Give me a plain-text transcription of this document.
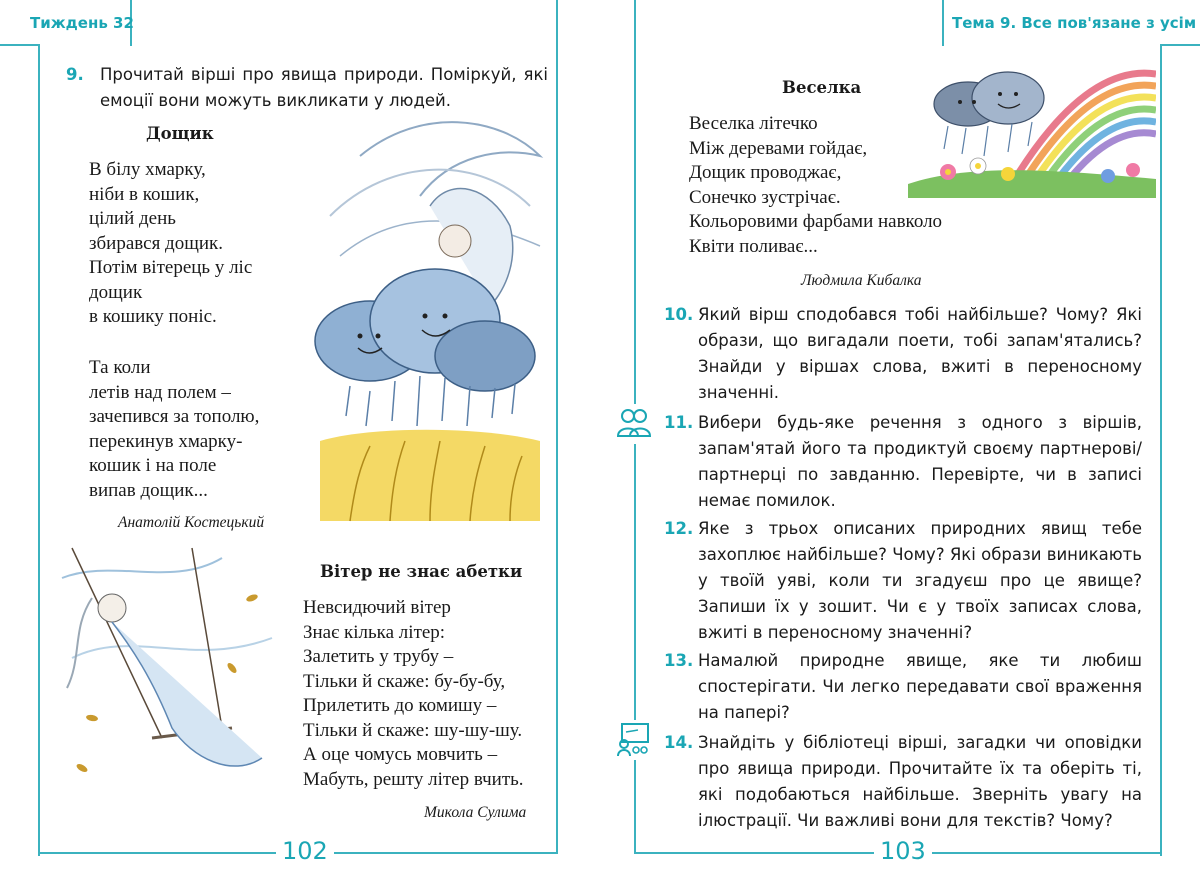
Тиждень 32
9. Прочитай вірші про явища природи. Поміркуй, які емоції вони можуть викликати у людей.
Дощик
В білу хмарку,
ніби в кошик,
цілий день
збирався дощик.
Потім вітерець у ліс
дощик
в кошику поніс.
Та коли
летів над полем –
зачепився за тополю,
перекинув хмарку-
кошик і на поле
випав дощик...
Анатолій Костецький
Вітер не знає абетки
Невсидючий вітер
Знає кілька літер:
Залетить у трубу –
Тільки й скаже: бу-бу-бу,
Прилетить до комишу –
Тільки й скаже: шу-шу-шу.
А оце чомусь мовчить –
Мабуть, решту літер вчить.
Микола Сулима
102
Тема 9. Все пов'язане з усім
Веселка
Веселка літечко
Між деревами гойдає,
Дощик проводжає,
Сонечко зустрічає.
Кольоровими фарбами навколо
Квіти поливає...
Людмила Кибалка
10. Який вірш сподобався тобі найбільше? Чому? Які образи, що вигадали поети, тобі запам'ятались? Знайди у віршах слова, вжиті в переносному значенні.
11. Вибери будь-яке речення з одного з віршів, запам'ятай його та продиктуй своєму партнерові/партнерці по завданню. Перевірте, чи в записі немає помилок.
12. Яке з трьох описаних природних явищ тебе захоплює найбільше? Чому? Які образи виникають у твоїй уяві, коли ти згадуєш про це явище? Запиши їх у зошит. Чи є у твоїх записах слова, вжиті в переносному значенні?
13. Намалюй природне явище, яке ти любиш спостерігати. Чи легко передавати свої враження на папері?
14. Знайдіть у бібліотеці вірші, загадки чи оповідки про явища природи. Прочитайте їх та оберіть ті, які подобаються найбільше. Зверніть увагу на ілюстрації. Чи важливі вони для текстів? Чому?
103
